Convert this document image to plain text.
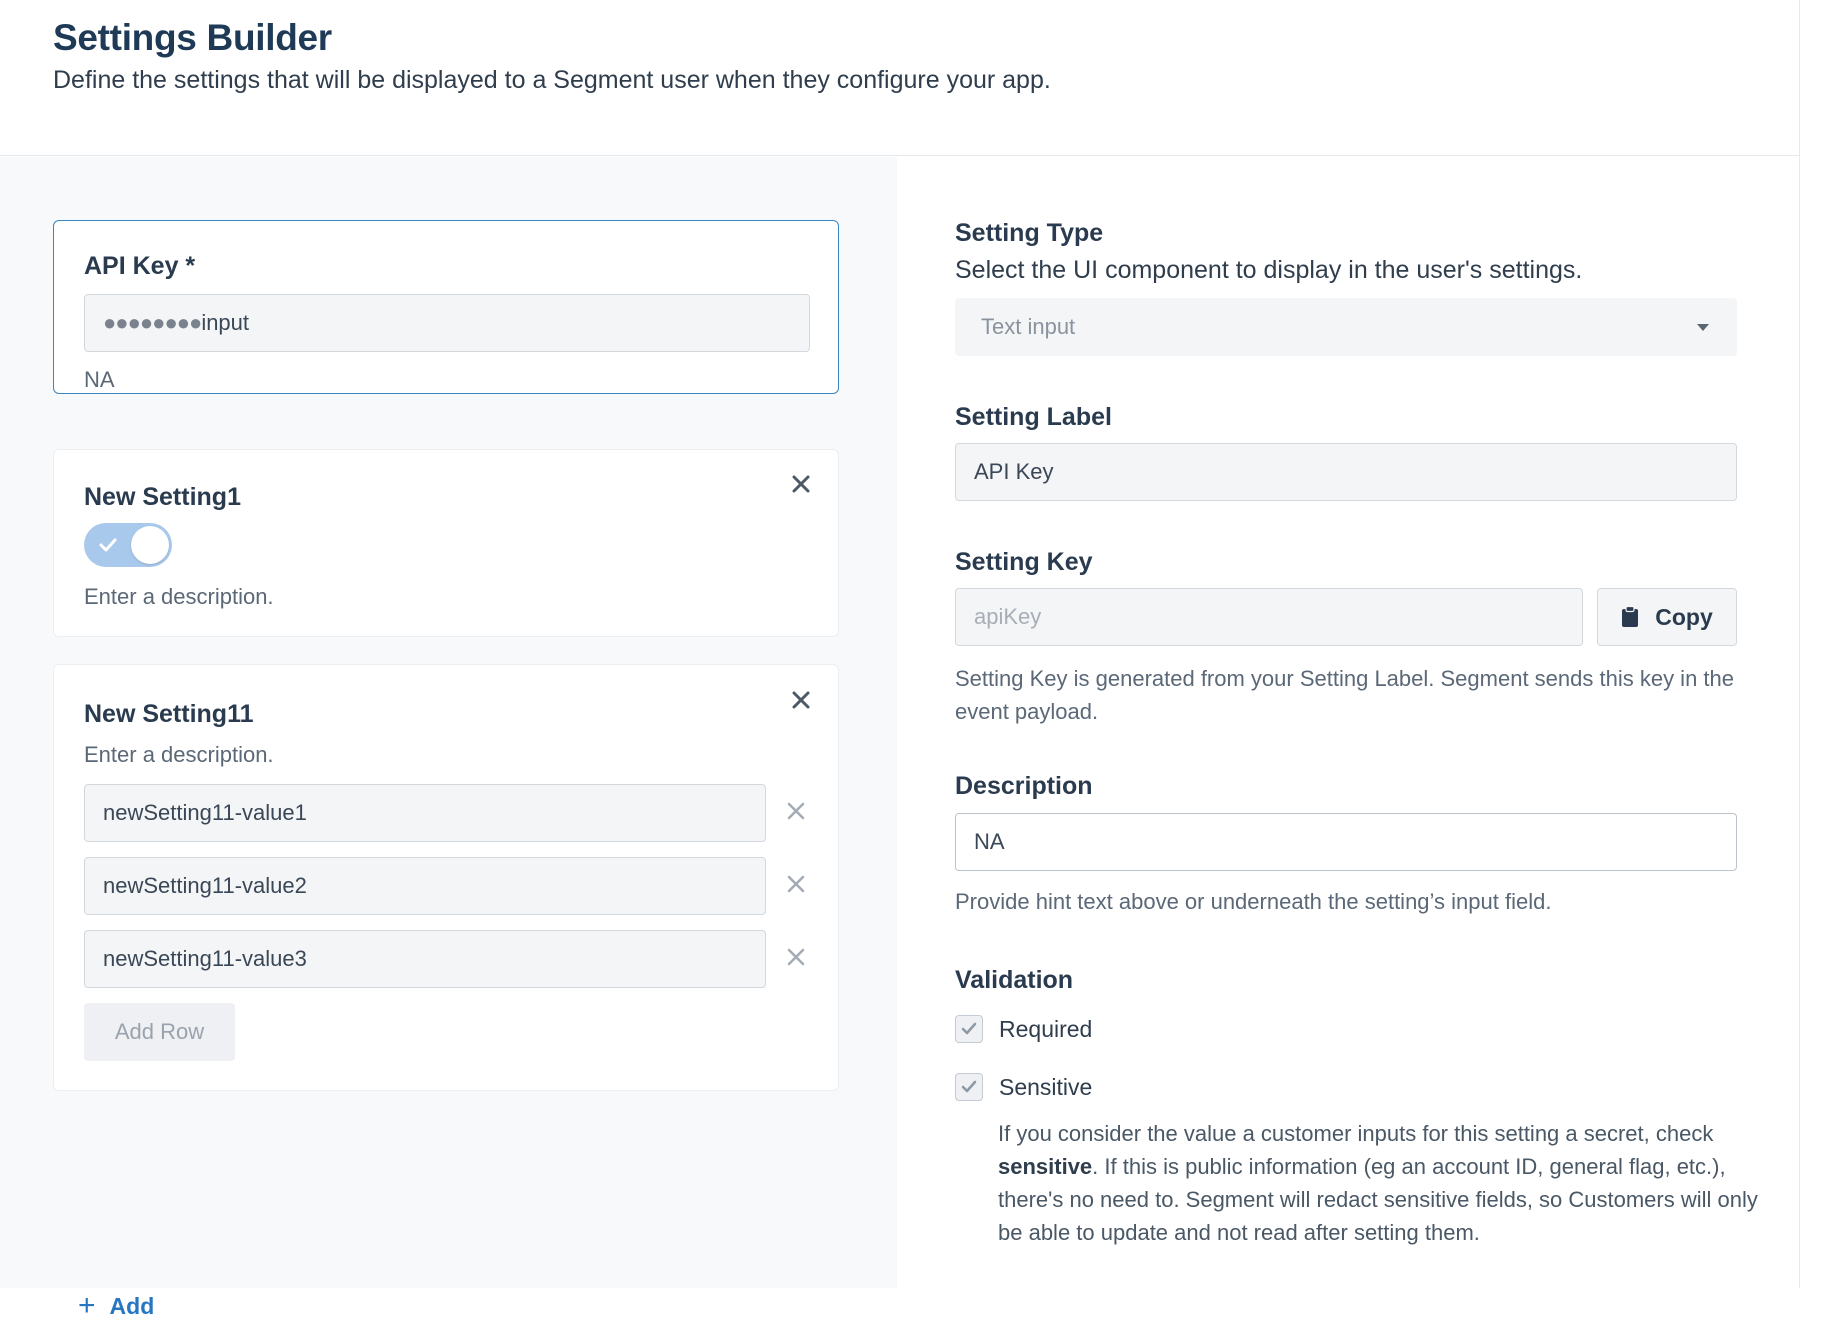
Settings Builder
Define the settings that will be displayed to a Segment user when they configure your app.
API Key *
●●●●●●●● input
NA
New Setting1
Enter a description.
New Setting11
Enter a description.
newSetting11-value1
newSetting11-value2
newSetting11-value3
Add Row
+ Add
Setting Type
Select the UI component to display in the user's settings.
Text input
Setting Label
API Key
Setting Key
apiKey	Copy
Setting Key is generated from your Setting Label. Segment sends this key in the event payload.
Description
NA
Provide hint text above or underneath the setting’s input field.
Validation
Required
Sensitive
If you consider the value a customer inputs for this setting a secret, check sensitive. If this is public information (eg an account ID, general flag, etc.), there's no need to. Segment will redact sensitive fields, so Customers will only be able to update and not read after setting them.
